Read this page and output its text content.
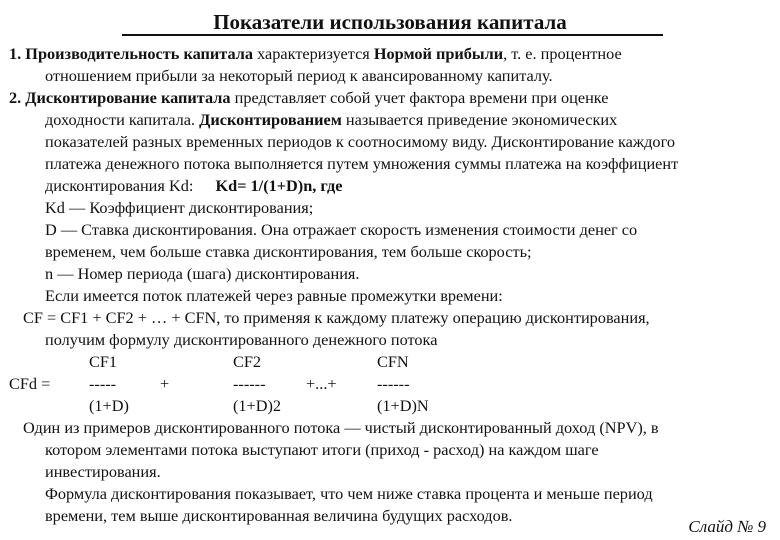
Показатели использования капитала
1. Производительность капитала характеризуется Нормой прибыли, т. е. процентное
отношением прибыли за некоторый период к авансированному капиталу.
2. Дисконтирование капитала представляет собой учет фактора времени при оценке
доходности капитала. Дисконтированием называется приведение экономических
показателей разных временных периодов к соотносимому виду. Дисконтирование каждого
платежа денежного потока выполняется путем умножения суммы платежа на коэффициент
дисконтирования Kd: Kd= 1/(1+D)n, где
Kd — Коэффициент дисконтирования;
D — Ставка дисконтирования. Она отражает скорость изменения стоимости денег со
временем, чем больше ставка дисконтирования, тем больше скорость;
n — Номер периода (шага) дисконтирования.
Если имеется поток платежей через равные промежутки времени:
CF = CF1 + CF2 + … + CFN, то применяя к каждому платежу операцию дисконтирования,
получим формулу дисконтированного денежного потока
CF1	CF2	CFN
CFd = -----	+	------ +...+ ------
(1+D)	(1+D)2	(1+D)N
Один из примеров дисконтированного потока — чистый дисконтированный доход (NPV), в
котором элементами потока выступают итоги (приход - расход) на каждом шаге
инвестирования.
Формула дисконтирования показывает, что чем ниже ставка процента и меньше период
времени, тем выше дисконтированная величина будущих расходов.
Слайд № 9
